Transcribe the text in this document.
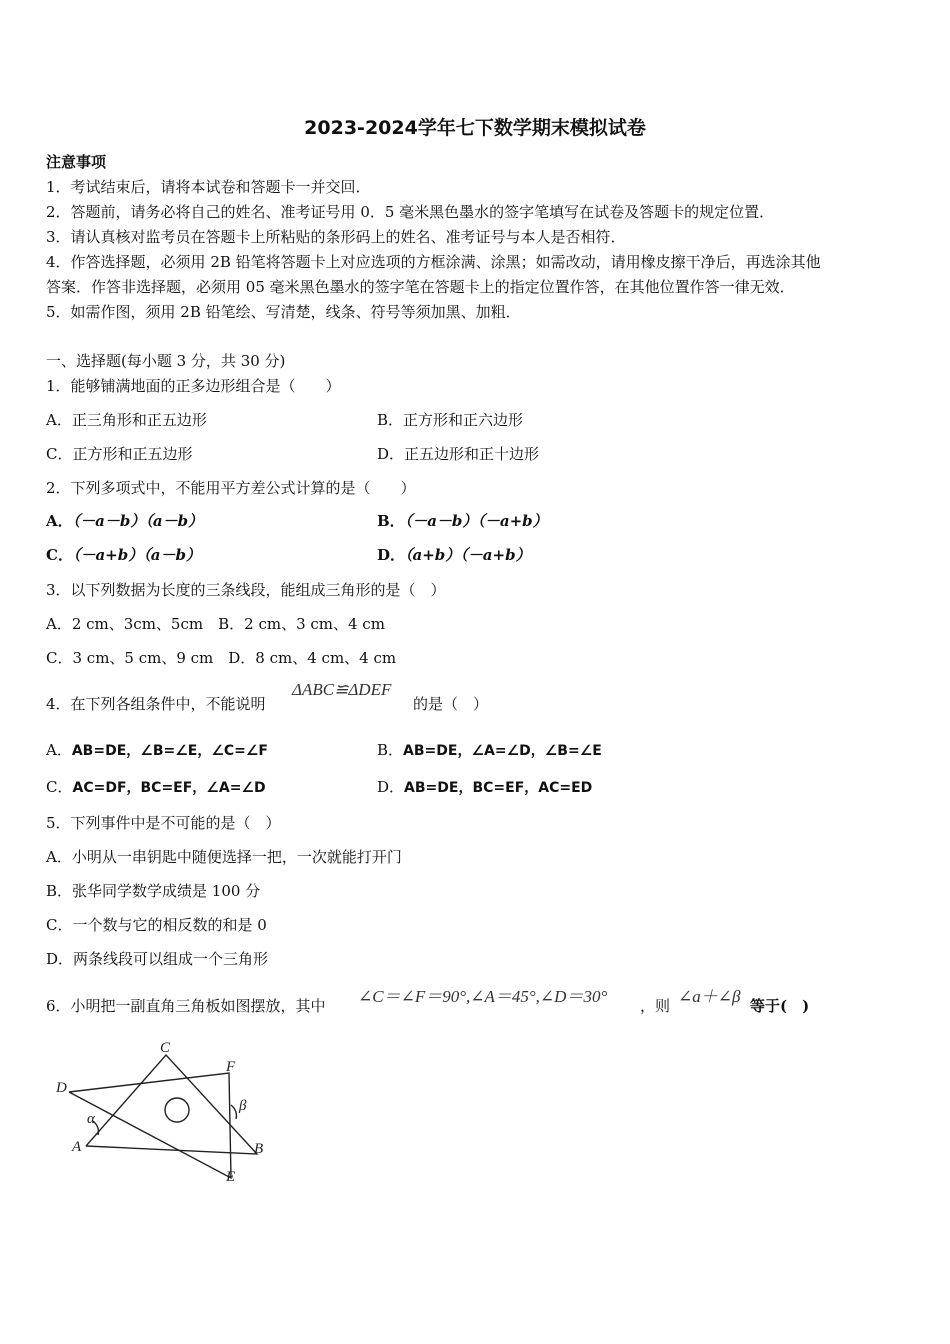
2023-2024学年七下数学期末模拟试卷
注意事项
1．考试结束后，请将本试卷和答题卡一并交回．
2．答题前，请务必将自己的姓名、准考证号用 0．5 毫米黑色墨水的签字笔填写在试卷及答题卡的规定位置．
3．请认真核对监考员在答题卡上所粘贴的条形码上的姓名、准考证号与本人是否相符．
4．作答选择题，必须用 2B 铅笔将答题卡上对应选项的方框涂满、涂黑；如需改动，请用橡皮擦干净后，再选涂其他
答案．作答非选择题，必须用 05 毫米黑色墨水的签字笔在答题卡上的指定位置作答，在其他位置作答一律无效．
5．如需作图，须用 2B 铅笔绘、写清楚，线条、符号等须加黑、加粗．
一、选择题(每小题 3 分，共 30 分)
1．能够铺满地面的正多边形组合是（　　）
A．正三角形和正五边形	B．正方形和正六边形
C．正方形和正五边形	D．正五边形和正十边形
2．下列多项式中，不能用平方差公式计算的是（　　）
A．（－a－b）（a－b）	B．（－a－b）（－a+b）
C．（－a+b）（a－b）	D．（a+b）（－a+b）
3．以下列数据为长度的三条线段，能组成三角形的是（　）
A．2 cm、3cm、5cm　B．2 cm、3 cm、4 cm
C．3 cm、5 cm、9 cm　D．8 cm、4 cm、4 cm
4．在下列各组条件中，不能说明
ΔABC≌ΔDEF
的是（　）
A．AB=DE，∠B=∠E，∠C=∠F	B．AB=DE，∠A=∠D，∠B=∠E
C．AC=DF，BC=EF，∠A=∠D	D．AB=DE，BC=EF，AC=ED
5．下列事件中是不可能的是（　）
A．小明从一串钥匙中随便选择一把，一次就能打开门
B．张华同学数学成绩是 100 分
C．一个数与它的相反数的和是 0
D．两条线段可以组成一个三角形
6．小明把一副直角三角板如图摆放，其中 ∠C＝∠F＝90°,∠A＝45°,∠D＝30° ，则 ∠a＋∠β 等于(　)
C
F
D
α
β
A	B
E
